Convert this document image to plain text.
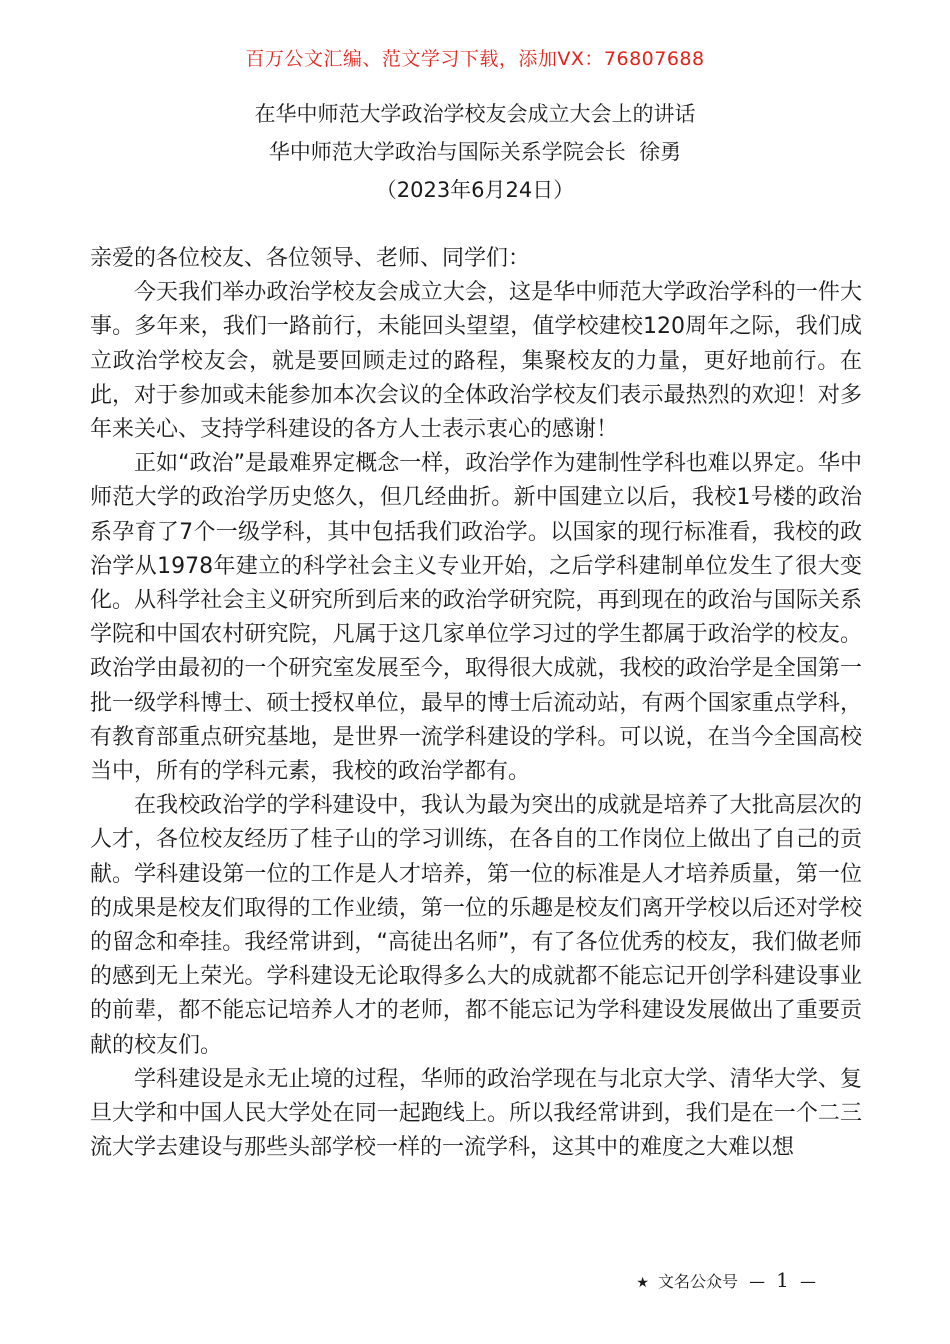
百万公文汇编、范文学习下载，添加VX：76807688
在华中师范大学政治学校友会成立大会上的讲话
华中师范大学政治与国际关系学院会长  徐勇
（2023年6月24日）

亲爱的各位校友、各位领导、老师、同学们：

今天我们举办政治学校友会成立大会，这是华中师范大学政治学科的一件大事。多年来，我们一路前行，未能回头望望，值学校建校120周年之际，我们成立政治学校友会，就是要回顾走过的路程，集聚校友的力量，更好地前行。在此，对于参加或未能参加本次会议的全体政治学校友们表示最热烈的欢迎！对多年来关心、支持学科建设的各方人士表示衷心的感谢！

正如“政治”是最难界定概念一样，政治学作为建制性学科也难以界定。华中师范大学的政治学历史悠久，但几经曲折。新中国建立以后，我校1号楼的政治系孕育了7个一级学科，其中包括我们政治学。以国家的现行标准看，我校的政治学从1978年建立的科学社会主义专业开始，之后学科建制单位发生了很大变化。从科学社会主义研究所到后来的政治学研究院，再到现在的政治与国际关系学院和中国农村研究院，凡属于这几家单位学习过的学生都属于政治学的校友。政治学由最初的一个研究室发展至今，取得很大成就，我校的政治学是全国第一批一级学科博士、硕士授权单位，最早的博士后流动站，有两个国家重点学科，有教育部重点研究基地，是世界一流学科建设的学科。可以说，在当今全国高校当中，所有的学科元素，我校的政治学都有。

在我校政治学的学科建设中，我认为最为突出的成就是培养了大批高层次的人才，各位校友经历了桂子山的学习训练，在各自的工作岗位上做出了自己的贡献。学科建设第一位的工作是人才培养，第一位的标准是人才培养质量，第一位的成果是校友们取得的工作业绩，第一位的乐趣是校友们离开学校以后还对学校的留念和牵挂。我经常讲到，“高徒出名师”，有了各位优秀的校友，我们做老师的感到无上荣光。学科建设无论取得多么大的成就都不能忘记开创学科建设事业的前辈，都不能忘记培养人才的老师，都不能忘记为学科建设发展做出了重要贡献的校友们。

学科建设是永无止境的过程，华师的政治学现在与北京大学、清华大学、复旦大学和中国人民大学处在同一起跑线上。所以我经常讲到，我们是在一个二三流大学去建设与那些头部学校一样的一流学科，这其中的难度之大难以想

★ 文名公众号 — 1 —
